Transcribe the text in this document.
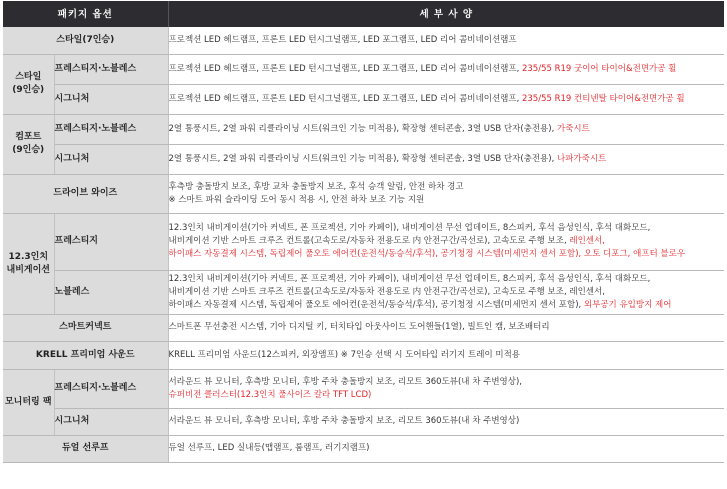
패키지 옵션		세 부 사 양
스타일(7인승)		프로젝션 LED 헤드램프, 프론트 LED 턴시그널램프, LED 포그램프, LED 리어 콤비네이션램프

스타일
(9인승)	프레스티지·노블레스	프로젝션 LED 헤드램프, 프론트 LED 턴시그널램프, LED 포그램프, LED 리어 콤비네이션램프, 235/55 R19 굿이어 타이어&전면가공 휠

	시그니처	프로젝션 LED 헤드램프, 프론트 LED 턴시그널램프, LED 포그램프, LED 리어 콤비네이션램프, 235/55 R19 컨티넨탈 타이어&전면가공 휠

컴포트
(9인승)	프레스티지·노블레스	2열 통풍시트, 2열 파워 리클라이닝 시트(워크인 기능 미적용), 확장형 센터콘솔, 3열 USB 단자(충전용), 가죽시트

	시그니처	2열 통풍시트, 2열 파워 리클라이닝 시트(워크인 기능 미적용), 확장형 센터콘솔, 3열 USB 단자(충전용), 나파가죽시트

드라이브 와이즈		후측방 충돌방지 보조, 후방 교차 충돌방지 보조, 후석 승객 알림, 안전 하차 경고
※ 스마트 파워 슬라이딩 도어 동시 적용 시, 안전 하차 보조 기능 지원

12.3인치
내비게이션	프레스티지	12.3인치 내비게이션(기아 커넥트, 폰 프로젝션, 기아 카페이), 내비게이션 무선 업데이트, 8스피커, 후석 음성인식, 후석 대화모드,
내비게이션 기반 스마트 크루즈 컨트롤(고속도로/자동차 전용도로 内 안전구간/곡선로), 고속도로 주행 보조, 레인센서,
하이패스 자동결제 시스템, 독립제어 풀오토 에어컨(운전석/동승석/후석), 공기청정 시스템(미세먼지 센서 포함), 오토 디포그, 애프터 블로우

	노블레스	12.3인치 내비게이션(기아 커넥트, 폰 프로젝션, 기아 카페이), 내비게이션 무선 업데이트, 8스피커, 후석 음성인식, 후석 대화모드,
내비게이션 기반 스마트 크루즈 컨트롤(고속도로/자동차 전용도로 内 안전구간/곡선로), 고속도로 주행 보조, 레인센서,
하이패스 자동결제 시스템, 독립제어 풀오토 에어컨(운전석/동승석/후석), 공기청정 시스템(미세먼지 센서 포함), 외부공기 유입방지 제어

스마트커넥트		스마트폰 무선충전 시스템, 기아 디지털 키, 터치타입 아웃사이드 도어핸들(1열), 빌트인 캠, 보조배터리

KRELL 프리미엄 사운드		KRELL 프리미엄 사운드(12스피커, 외장앰프) ※ 7인승 선택 시 도어타입 러기지 트레이 미적용

모니터링 팩	프레스티지·노블레스	서라운드 뷰 모니터, 후측방 모니터, 후방 주차 충돌방지 보조, 리모트 360도뷰(내 차 주변영상),
슈퍼비전 클러스터(12.3인치 풀사이즈 칼라 TFT LCD)

	시그니처	서라운드 뷰 모니터, 후측방 모니터, 후방 주차 충돌방지 보조, 리모트 360도뷰(내 차 주변영상)

듀얼 선루프		듀얼 선루프, LED 실내등(맵램프, 룸램프, 러기지램프)
